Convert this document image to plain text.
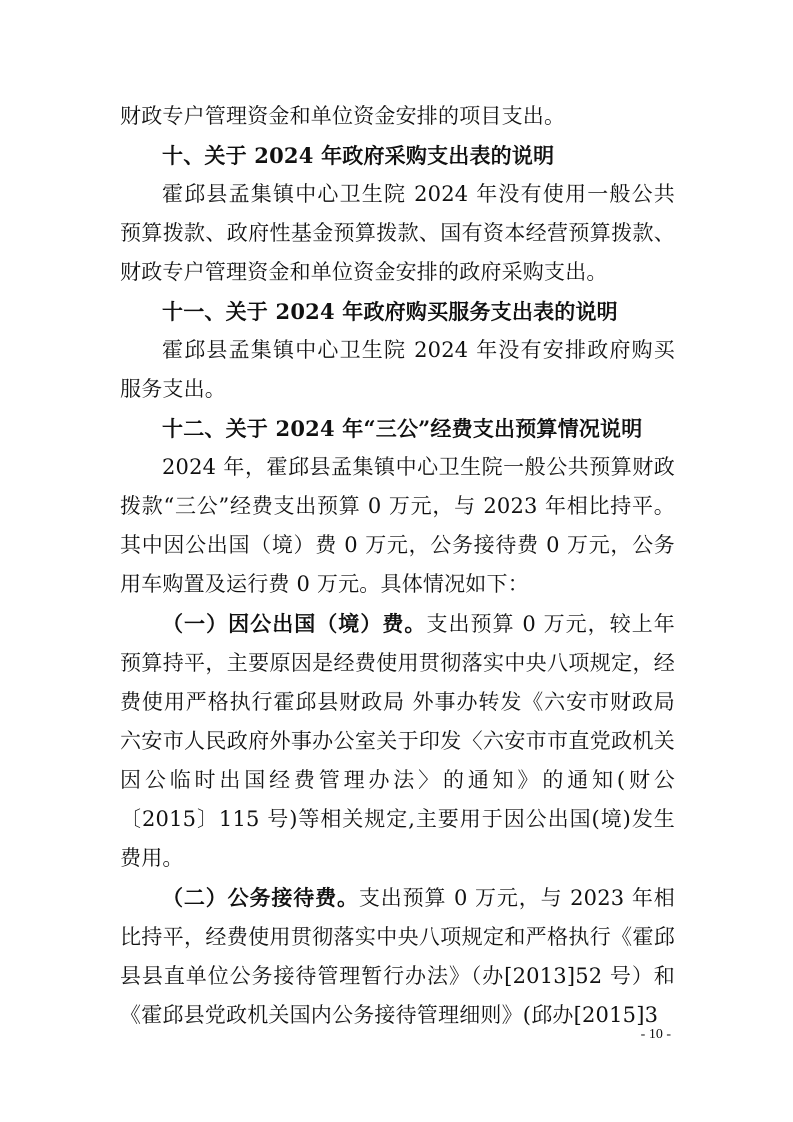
财政专户管理资金和单位资金安排的项目支出。

十、关于 2024 年政府采购支出表的说明

霍邱县孟集镇中心卫生院 2024 年没有使用一般公共预算拨款、政府性基金预算拨款、国有资本经营预算拨款、财政专户管理资金和单位资金安排的政府采购支出。

十一、关于 2024 年政府购买服务支出表的说明

霍邱县孟集镇中心卫生院 2024 年没有安排政府购买服务支出。

十二、关于 2024 年“三公”经费支出预算情况说明

2024 年，霍邱县孟集镇中心卫生院一般公共预算财政拨款“三公”经费支出预算 0 万元，与 2023 年相比持平。其中因公出国（境）费 0 万元，公务接待费 0 万元，公务用车购置及运行费 0 万元。具体情况如下：

（一）因公出国（境）费。支出预算 0 万元，较上年预算持平，主要原因是经费使用贯彻落实中央八项规定，经费使用严格执行霍邱县财政局 外事办转发《六安市财政局六安市人民政府外事办公室关于印发〈六安市市直党政机关因公临时出国经费管理办法〉的通知》的通知(财公〔2015〕115 号)等相关规定,主要用于因公出国(境)发生费用。

（二）公务接待费。支出预算 0 万元，与 2023 年相比持平，经费使用贯彻落实中央八项规定和严格执行《霍邱县县直单位公务接待管理暂行办法》（办[2013]52 号）和《霍邱县党政机关国内公务接待管理细则》(邱办[2015]3

- 10 -
